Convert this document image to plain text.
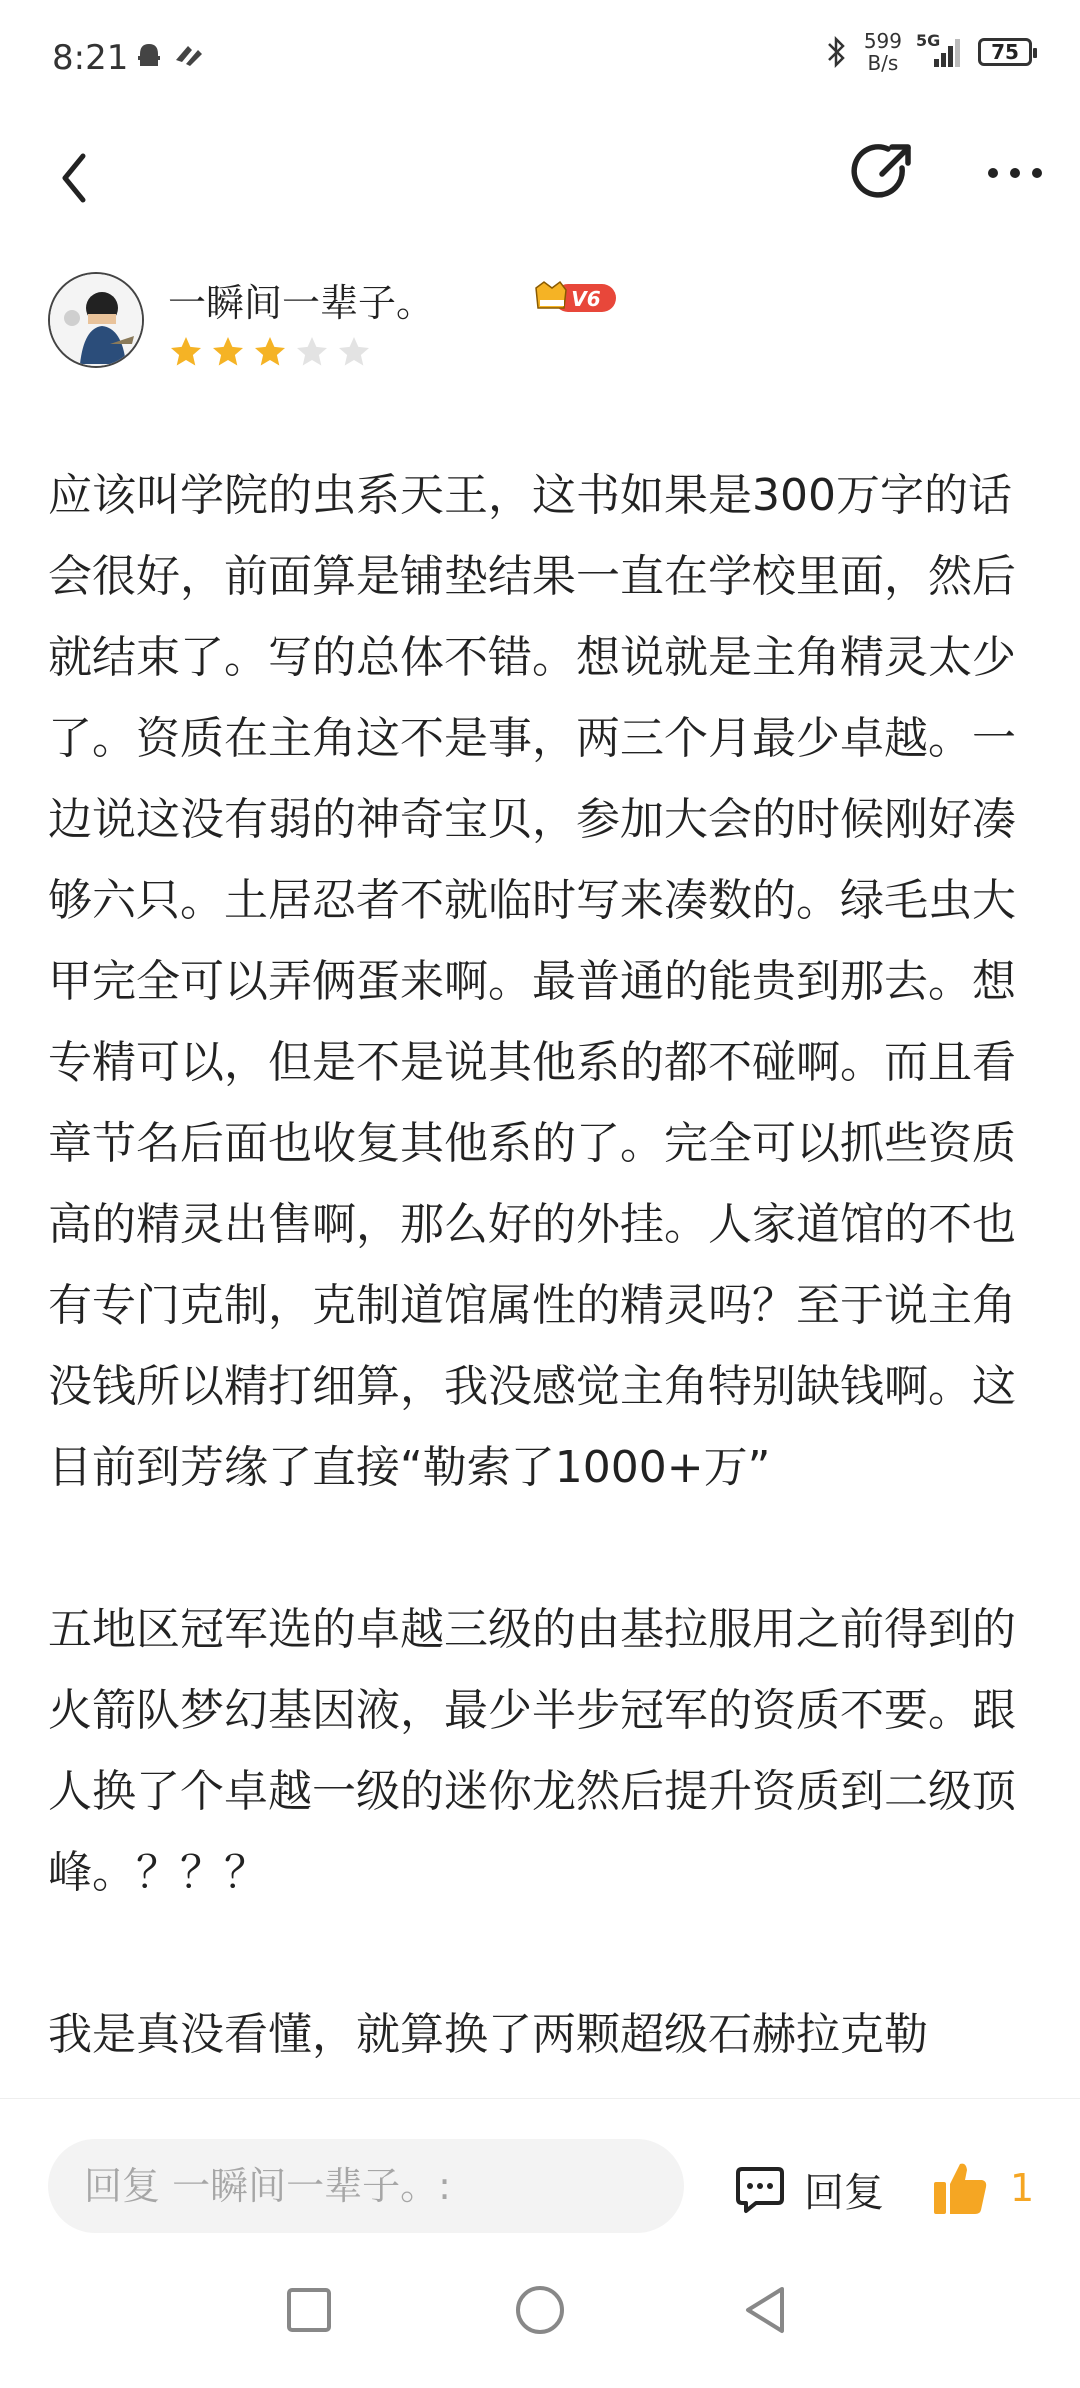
8:21	599
B/s
5G	75
一瞬间一辈子。	V6

应该叫学院的虫系天王，这书如果是300万字的话会很好，前面算是铺垫结果一直在学校里面，然后就结束了。写的总体不错。想说就是主角精灵太少了。资质在主角这不是事，两三个月最少卓越。一边说这没有弱的神奇宝贝，参加大会的时候刚好凑够六只。土居忍者不就临时写来凑数的。绿毛虫大甲完全可以弄俩蛋来啊。最普通的能贵到那去。想专精可以，但是不是说其他系的都不碰啊。而且看章节名后面也收复其他系的了。完全可以抓些资质高的精灵出售啊，那么好的外挂。人家道馆的不也有专门克制，克制道馆属性的精灵吗？至于说主角没钱所以精打细算，我没感觉主角特别缺钱啊。这目前到芳缘了直接“勒索了1000+万”

五地区冠军选的卓越三级的由基拉服用之前得到的火箭队梦幻基因液，最少半步冠军的资质不要。跟人换了个卓越一级的迷你龙然后提升资质到二级顶峰。？？？

我是真没看懂，就算换了两颗超级石赫拉克勒

回复 一瞬间一辈子。:	回复	1
